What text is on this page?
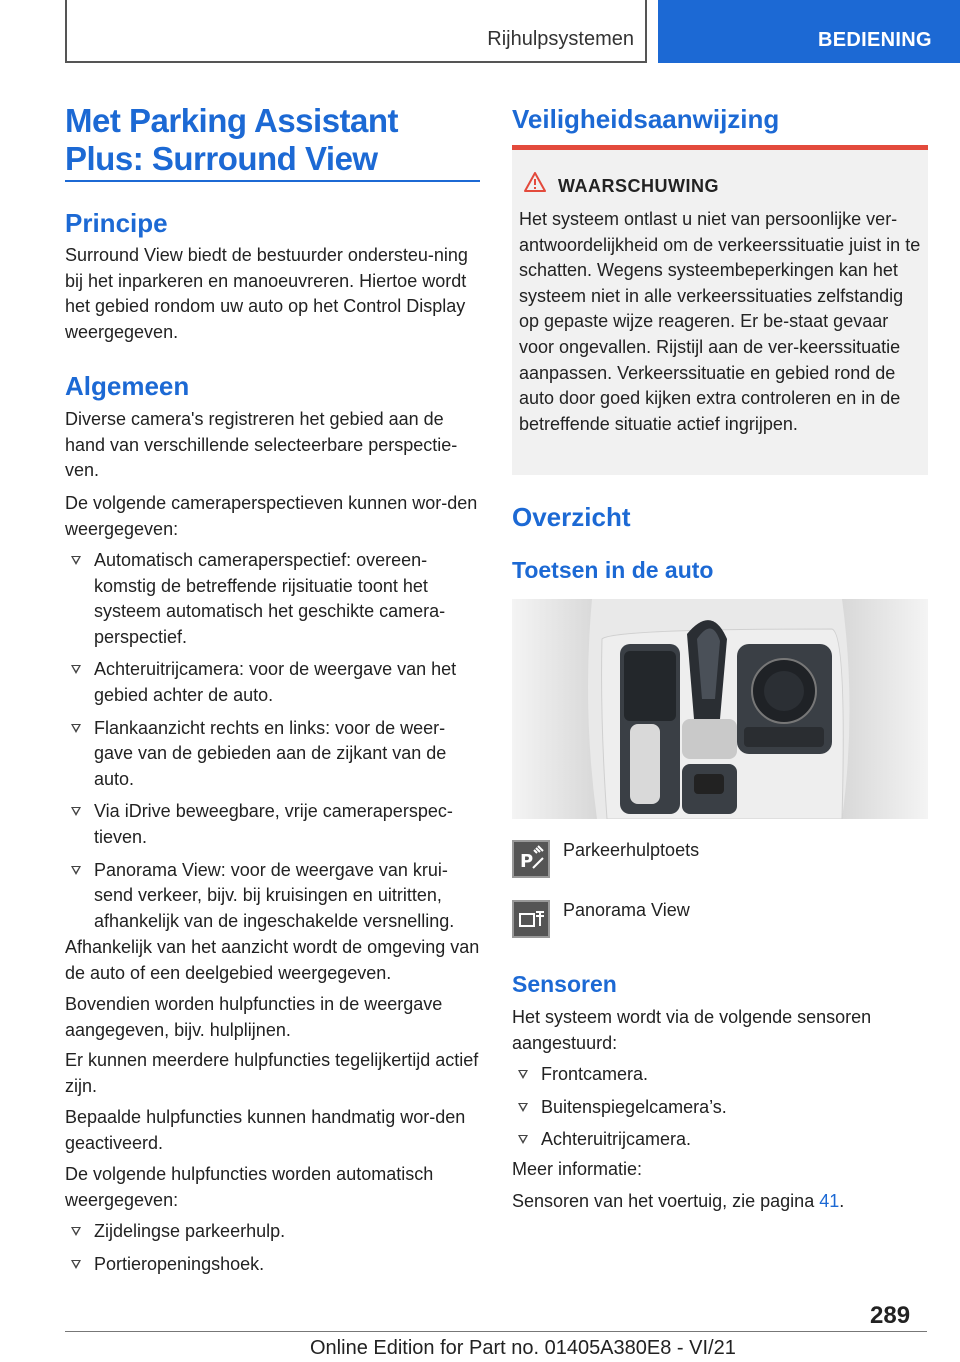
Rijhulpsystemen	BEDIENING
Met Parking Assistant Plus: Surround View
Principe

Surround View biedt de bestuurder ondersteu-ning bij het inparkeren en manoeuvreren. Hiertoe wordt het gebied rondom uw auto op het Control Display weergegeven.

Algemeen

Diverse camera's registreren het gebied aan de hand van verschillende selecteerbare perspectie-ven.

De volgende cameraperspectieven kunnen wor-den weergegeven:

Automatisch cameraperspectief: overeen-komstig de betreffende rijsituatie toont het systeem automatisch het geschikte camera-perspectief.
Achteruitrijcamera: voor de weergave van het gebied achter de auto.
Flankaanzicht rechts en links: voor de weer-gave van de gebieden aan de zijkant van de auto.
Via iDrive beweegbare, vrije cameraperspec-tieven.
Panorama View: voor de weergave van krui-send verkeer, bijv. bij kruisingen en uitritten, afhankelijk van de ingeschakelde versnelling.

Afhankelijk van het aanzicht wordt de omgeving van de auto of een deelgebied weergegeven.

Bovendien worden hulpfuncties in de weergave aangegeven, bijv. hulplijnen.

Er kunnen meerdere hulpfuncties tegelijkertijd actief zijn.

Bepaalde hulpfuncties kunnen handmatig wor-den geactiveerd.

De volgende hulpfuncties worden automatisch weergegeven:

Zijdelingse parkeerhulp.
Portieropeningshoek.
Veiligheidsaanwijzing
WAARSCHUWING
Het systeem ontlast u niet van persoonlijke ver-antwoordelijkheid om de verkeerssituatie juist in te schatten. Wegens systeembeperkingen kan het systeem niet in alle verkeerssituaties zelfstandig op gepaste wijze reageren. Er be-staat gevaar voor ongevallen. Rijstijl aan de ver-keerssituatie aanpassen. Verkeerssituatie en gebied rond de auto door goed kijken extra controleren en in de betreffende situatie actief ingrijpen.
Overzicht
Toetsen in de auto
P
Parkeerhulptoets
Panorama View
Sensoren

Het systeem wordt via de volgende sensoren aangestuurd:

Frontcamera.
Buitenspiegelcamera’s.
Achteruitrijcamera.

Meer informatie:

Sensoren van het voertuig, zie pagina 41.

289
Online Edition for Part no. 01405A380E8 - VI/21
